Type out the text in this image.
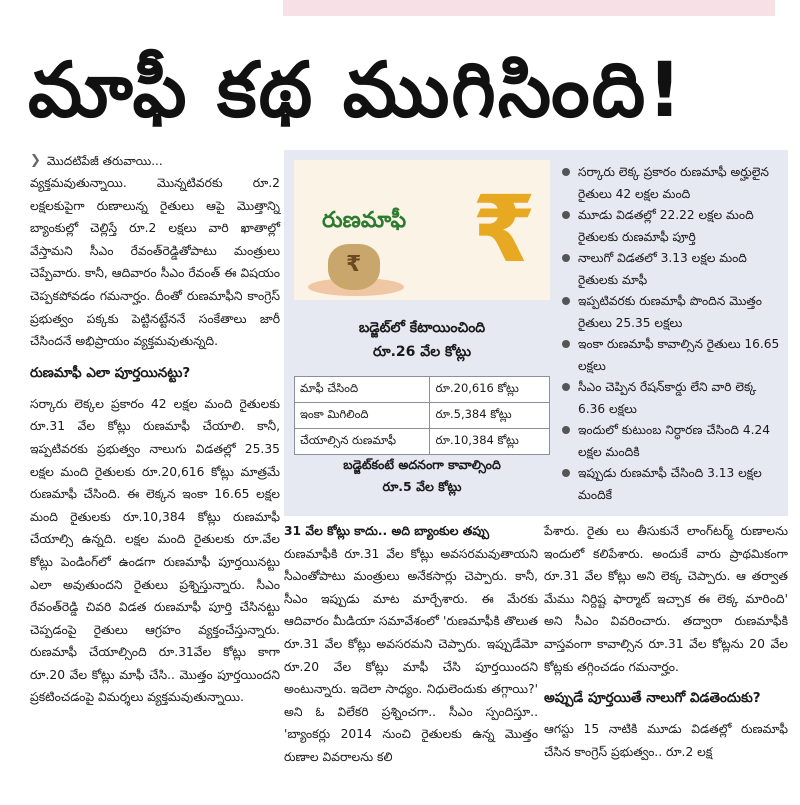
మాఫీ కథ ముగిసింది!
❯ మొదటిపేజీ తరువాయి...

వ్యక్తమవుతున్నాయి. మొన్నటివరకు రూ.2 లక్షలకుపైగా రుణాలున్న రైతులు ఆపై మొత్తాన్ని బ్యాంకుల్లో చెల్లిస్తే రూ.2 లక్షలు వారి ఖాతాల్లో వేస్తామని సీఎం రేవంత్‌రెడ్డితోపాటు మంత్రులు చెప్పేవారు. కానీ, ఆదివారం సీఎం రేవంత్ ఈ విషయం చెప్పకపోవడం గమనార్హం. దీంతో రుణమాఫీని కాంగ్రెస్ ప్రభుత్వం పక్కకు పెట్టినట్టేననే సంకేతాలు జారీ చేసిందనే అభిప్రాయం వ్యక్తమవుతున్నది.

రుణమాఫీ ఎలా పూర్తయినట్టు?

సర్కారు లెక్కల ప్రకారం 42 లక్షల మంది రైతులకు రూ.31 వేల కోట్లు రుణమాఫీ చేయాలి. కానీ, ఇప్పటివరకు ప్రభుత్వం నాలుగు విడతల్లో 25.35 లక్షల మంది రైతులకు రూ.20,616 కోట్లు మాత్రమే రుణమాఫీ చేసింది. ఈ లెక్కన ఇంకా 16.65 లక్షల మంది రైతులకు రూ.10,384 కోట్లు రుణమాఫీ చేయాల్సి ఉన్నది. లక్షల మంది రైతులకు రూ.వేల కోట్లు పెండింగ్‌లో ఉండగా రుణమాఫీ పూర్తయినట్టు ఎలా అవుతుందని రైతులు ప్రశ్నిస్తున్నారు. సీఎం రేవంత్‌రెడ్డి చివరి విడత రుణమాఫీ పూర్తి చేసినట్టు చెప్పడంపై రైతులు ఆగ్రహం వ్యక్తంచేస్తున్నారు. రుణమాఫీ చేయాల్సింది రూ.31వేల కోట్లు కాగా రూ.20 వేల కోట్లు మాఫీ చేసి.. మొత్తం పూర్తయిందని ప్రకటించడంపై విమర్శలు వ్యక్తమవుతున్నాయి.

రుణమాఫీ ₹
₹
బడ్జెట్‌లో కేటాయించింది
రూ.26 వేల కోట్లు
మాఫీ చేసింది	రూ.20,616 కోట్లు
ఇంకా మిగిలింది	రూ.5,384 కోట్లు
చేయాల్సిన రుణమాఫీ	రూ.10,384 కోట్లు
బడ్జెట్‌కంటే అదనంగా కావాల్సింది
రూ.5 వేల కోట్లు
సర్కారు లెక్క ప్రకారం రుణమాఫీ అర్హులైన రైతులు 42 లక్షల మంది
మూడు విడతల్లో 22.22 లక్షల మంది రైతులకు రుణమాఫీ పూర్తి
నాలుగో విడతలో 3.13 లక్షల మంది రైతులకు మాఫీ
ఇప్పటివరకు రుణమాఫీ పొందిన మొత్తం రైతులు 25.35 లక్షలు
ఇంకా రుణమాఫీ కావాల్సిన రైతులు 16.65 లక్షలు
సీఎం చెప్పిన రేషన్‌కార్డు లేని వారి లెక్క 6.36 లక్షలు
ఇందులో కుటుంబ నిర్ధారణ చేసింది 4.24 లక్షల మందికి
ఇప్పుడు రుణమాఫీ చేసింది 3.13 లక్షల మందికే
31 వేల కోట్లు కాదు.. అది బ్యాంకుల తప్పు

రుణమాఫీకి రూ.31 వేల కోట్లు అవసరమవుతాయని సీఎంతోపాటు మంత్రులు అనేకసార్లు చెప్పారు. కానీ, సీఎం ఇప్పుడు మాట మార్చేశారు. ఈ మేరకు ఆదివారం మీడియా సమావేశంలో 'రుణమాఫీకి తొలుత రూ.31 వేల కోట్లు అవసరమని చెప్పారు. ఇప్పుడేమో రూ.20 వేల కోట్లు మాఫీ చేసి పూర్తయిందని అంటున్నారు. ఇదెలా సాధ్యం. నిధులెందుకు తగ్గాయి?' అని ఓ విలేకరి ప్రశ్నించగా.. సీఎం స్పందిస్తూ.. 'బ్యాంకర్లు 2014 నుంచి రైతులకు ఉన్న మొత్తం రుణాల వివరాలను కలి

పేశారు. రైతు లు తీసుకునే లాంగ్‌టర్మ్ రుణాలను ఇందులో కలిపేశారు. అందుకే వారు ప్రాథమికంగా రూ.31 వేల కోట్లు అని లెక్క చెప్పారు. ఆ తర్వాత మేము నిర్దిష్ట ఫార్మాట్ ఇచ్చాక ఈ లెక్క మారింది' అని సీఎం వివరించారు. తద్వారా రుణమాఫీకి వాస్తవంగా కావాల్సిన రూ.31 వేల కోట్లను 20 వేల కోట్లకు తగ్గించడం గమనార్హం.

అప్పుడే పూర్తయితే నాలుగో విడతెందుకు?

ఆగస్టు 15 నాటికి మూడు విడతల్లో రుణమాఫీ చేసిన కాంగ్రెస్ ప్రభుత్వం.. రూ.2 లక్ష
